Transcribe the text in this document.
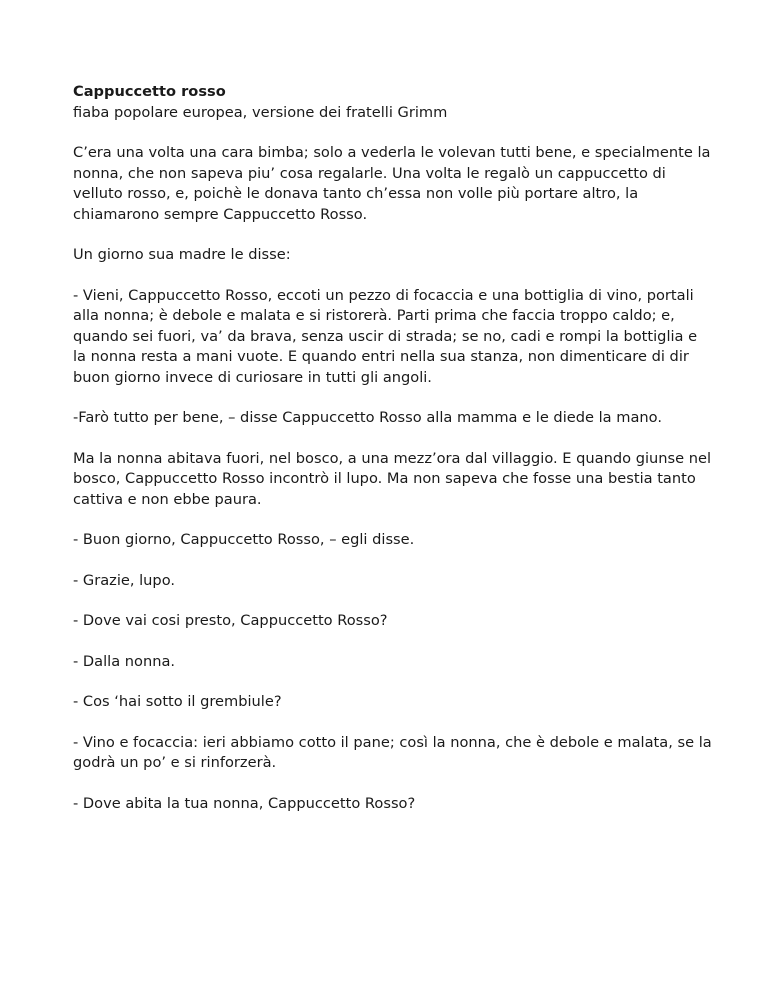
Cappuccetto rosso

fiaba popolare europea, versione dei fratelli Grimm

C’era una volta una cara bimba; solo a vederla le volevan tutti bene, e specialmente la nonna, che non sapeva piu’ cosa regalarle. Una volta le regalò un cappuccetto di velluto rosso, e, poichè le donava tanto ch’essa non volle più portare altro, la chiamarono sempre Cappuccetto Rosso.

Un giorno sua madre le disse:

- Vieni, Cappuccetto Rosso, eccoti un pezzo di focaccia e una bottiglia di vino, portali alla nonna; è debole e malata e si ristorerà. Parti prima che faccia troppo caldo; e, quando sei fuori, va’ da brava, senza uscir di strada; se no, cadi e rompi la bottiglia e la nonna resta a mani vuote. E quando entri nella sua stanza, non dimenticare di dir buon giorno invece di curiosare in tutti gli angoli.

-Farò tutto per bene, – disse Cappuccetto Rosso alla mamma e le diede la mano.

Ma la nonna abitava fuori, nel bosco, a una mezz’ora dal villaggio. E quando giunse nel bosco, Cappuccetto Rosso incontrò il lupo. Ma non sapeva che fosse una bestia tanto cattiva e non ebbe paura.

- Buon giorno, Cappuccetto Rosso, – egli disse.

- Grazie, lupo.

- Dove vai cosi presto, Cappuccetto Rosso?

- Dalla nonna.

- Cos ‘hai sotto il grembiule?

- Vino e focaccia: ieri abbiamo cotto il pane; così la nonna, che è debole e malata, se la godrà un po’ e si rinforzerà.

- Dove abita la tua nonna, Cappuccetto Rosso?
